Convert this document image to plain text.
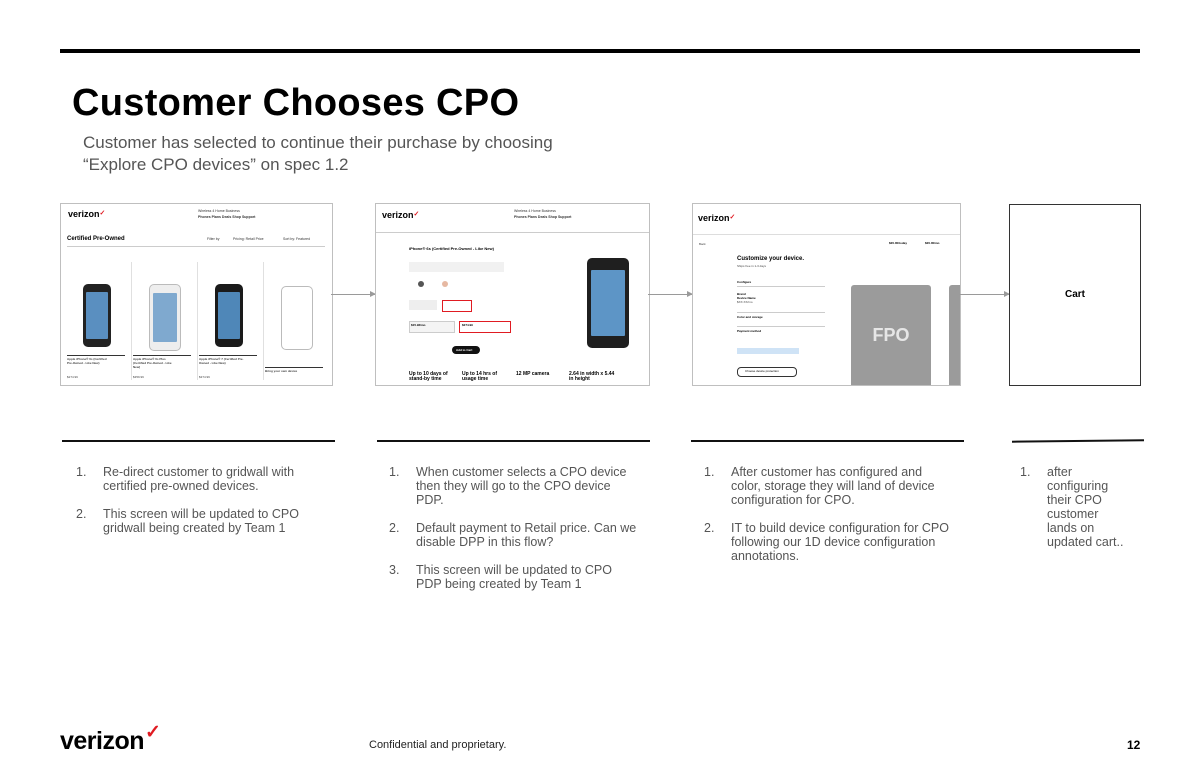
Customer Chooses CPO
Customer has selected to continue their purchase by choosing
“Explore CPO devices” on spec 1.2
verizon✓	Wireless 4 Home Business
Phones Plans Deals Shop Support
Certified Pre-Owned	Filter by	Pricing: Retail Price	Sort by: Featured
Apple iPhone® 6s (Certified Pre-Owned - Like New)
Apple iPhone® 6s Plus (Certified Pre-Owned - Like New)
Apple iPhone® 7 (Certified Pre-Owned - Like New)
Bring your own device
$274.99	$359.99	$374.99
verizon✓	Wireless 4 Home Business
Phones Plans Deals Shop Support
iPhone® 6s (Certified Pre-Owned - Like New)
$15.92/mo	$274.99
Add to Cart
Up to 10 days of
stand-by time
Up to 14 hrs of
usage time
12 MP camera	2.64 in width x 5.44
in height
verizon✓
Back	$20.00/today	$20.00/mo
Customize your device.
Ships free in 1-3 days
Configure
Brand
Device Name
$XX.XX/mo
Color and storage
Payment method
Choose device protection
FPO
Cart
1.	Re-direct customer to gridwall with certified pre-owned devices.
2.	This screen will be updated to CPO gridwall being created by Team 1
1.	When customer selects a CPO device then they will go to the CPO device PDP.
2.	Default payment to Retail price. Can we disable DPP in this flow?
3.	This screen will be updated to CPO PDP being created by Team 1
1.	After customer has configured and color, storage they will land of device configuration for CPO.
2.	IT to build device configuration for CPO following our 1D device configuration annotations.
1.	after configuring their CPO customer lands on updated cart..
verizon✓
Confidential and proprietary.	12
